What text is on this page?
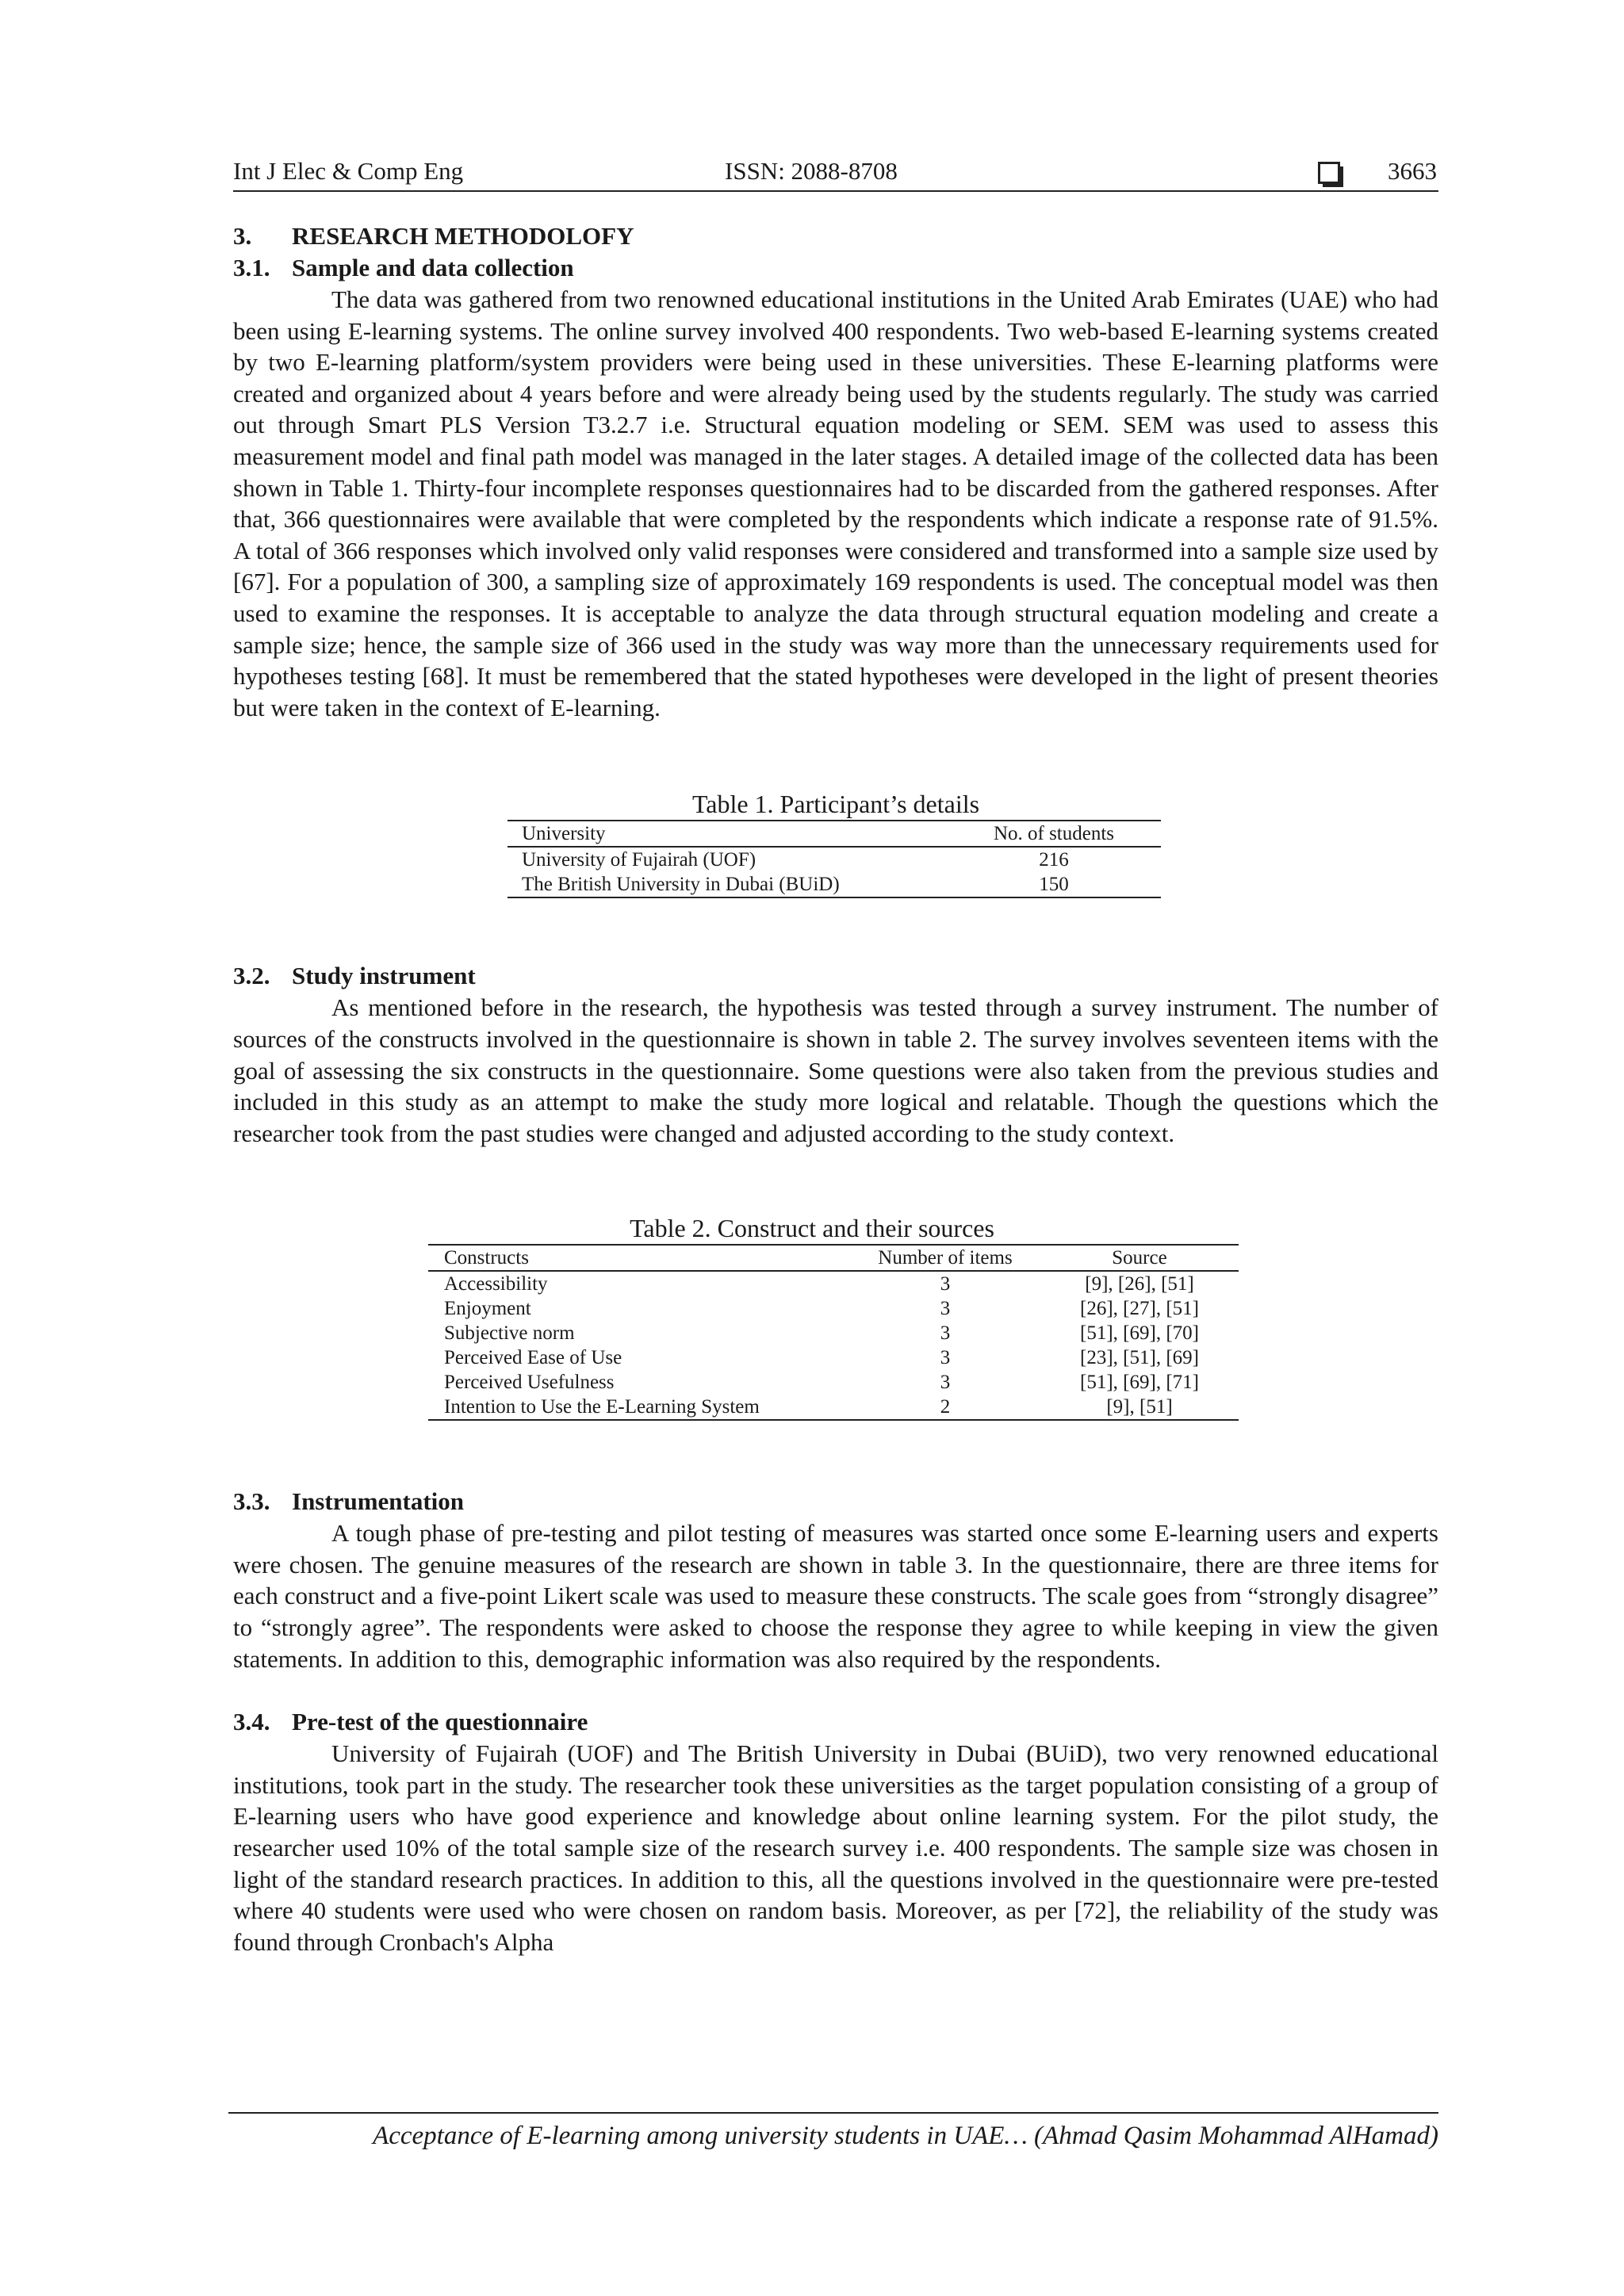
Int J Elec & Comp Eng	ISSN: 2088-8708	3663
3. RESEARCH METHODOLOFY
3.1. Sample and data collection

The data was gathered from two renowned educational institutions in the United Arab Emirates (UAE) who had been using E-learning systems. The online survey involved 400 respondents. Two web-based E-learning systems created by two E-learning platform/system providers were being used in these universities. These E-learning platforms were created and organized about 4 years before and were already being used by the students regularly. The study was carried out through Smart PLS Version T3.2.7 i.e. Structural equation modeling or SEM. SEM was used to assess this measurement model and final path model was managed in the later stages. A detailed image of the collected data has been shown in Table 1. Thirty-four incomplete responses questionnaires had to be discarded from the gathered responses. After that, 366 questionnaires were available that were completed by the respondents which indicate a response rate of 91.5%. A total of 366 responses which involved only valid responses were considered and transformed into a sample size used by [67]. For a population of 300, a sampling size of approximately 169 respondents is used. The conceptual model was then used to examine the responses. It is acceptable to analyze the data through structural equation modeling and create a sample size; hence, the sample size of 366 used in the study was way more than the unnecessary requirements used for hypotheses testing [68]. It must be remembered that the stated hypotheses were developed in the light of present theories but were taken in the context of E-learning.

Table 1. Participant’s details
University	No. of students
University of Fujairah (UOF)	216
The British University in Dubai (BUiD)	150
3.2. Study instrument

As mentioned before in the research, the hypothesis was tested through a survey instrument. The number of sources of the constructs involved in the questionnaire is shown in table 2. The survey involves seventeen items with the goal of assessing the six constructs in the questionnaire. Some questions were also taken from the previous studies and included in this study as an attempt to make the study more logical and relatable. Though the questions which the researcher took from the past studies were changed and adjusted according to the study context.

Table 2. Construct and their sources
Constructs	Number of items	Source
Accessibility	3	[9], [26], [51]
Enjoyment	3	[26], [27], [51]
Subjective norm	3	[51], [69], [70]
Perceived Ease of Use	3	[23], [51], [69]
Perceived Usefulness	3	[51], [69], [71]
Intention to Use the E-Learning System	2	[9], [51]
3.3. Instrumentation

A tough phase of pre-testing and pilot testing of measures was started once some E-learning users and experts were chosen. The genuine measures of the research are shown in table 3. In the questionnaire, there are three items for each construct and a five-point Likert scale was used to measure these constructs. The scale goes from “strongly disagree” to “strongly agree”. The respondents were asked to choose the response they agree to while keeping in view the given statements. In addition to this, demographic information was also required by the respondents.

3.4. Pre-test of the questionnaire

University of Fujairah (UOF) and The British University in Dubai (BUiD), two very renowned educational institutions, took part in the study. The researcher took these universities as the target population consisting of a group of E-learning users who have good experience and knowledge about online learning system. For the pilot study, the researcher used 10% of the total sample size of the research survey i.e. 400 respondents. The sample size was chosen in light of the standard research practices. In addition to this, all the questions involved in the questionnaire were pre-tested where 40 students were used who were chosen on random basis. Moreover, as per [72], the reliability of the study was found through Cronbach's Alpha

Acceptance of E-learning among university students in UAE… (Ahmad Qasim Mohammad AlHamad)
